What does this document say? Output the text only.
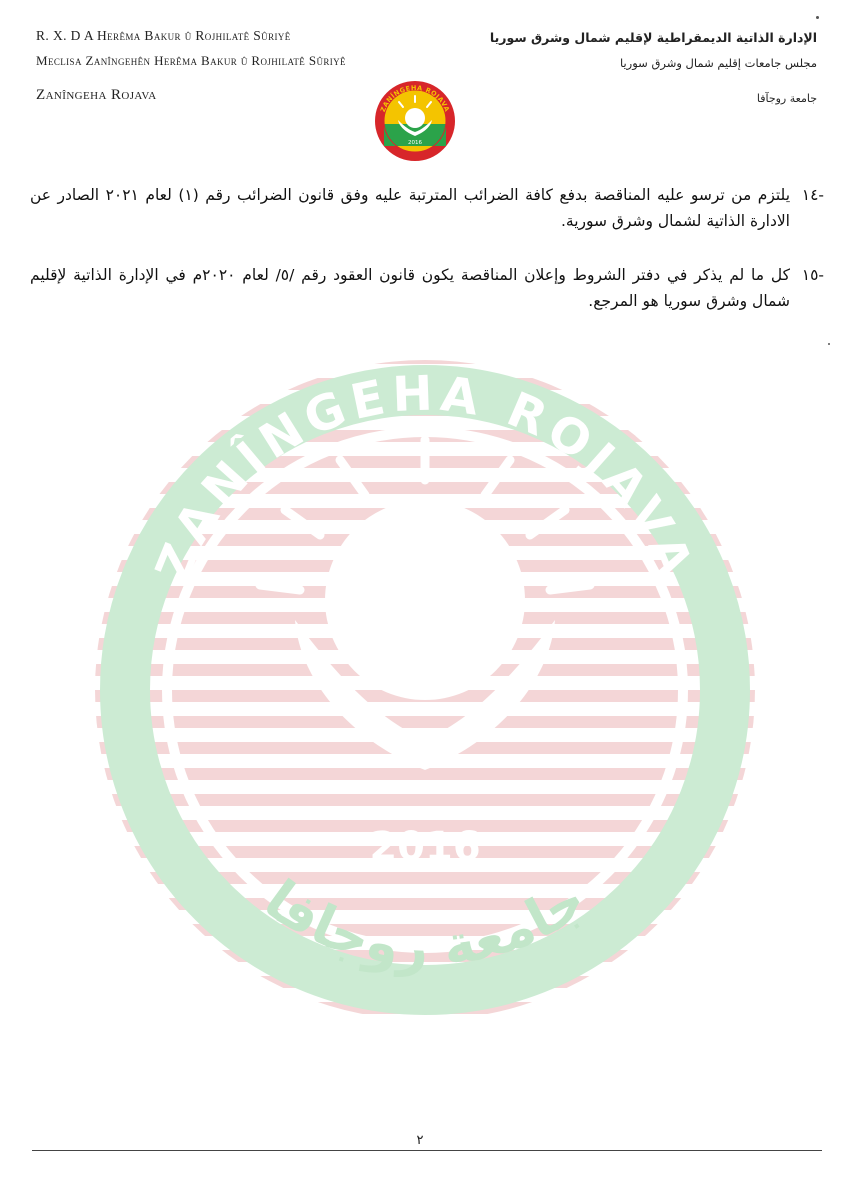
ZANÎNGEHA ROJAVA
2016
جامعة روجافا
R. X. D A Herêma Bakur û Rojhilatê Sûriyê
Meclisa Zanîngehên Herêma Bakur û Rojhilatê Sûriyê
Zanîngeha Rojava
الإدارة الذاتية الديمقراطية لإقليم شمال وشرق سوريا
مجلس جامعات إقليم شمال وشرق سوريا
جامعة روجآفا
ZANÎNGEHA ROJAVA
2016
-١٤
يلتزم من ترسو عليه المناقصة بدفع كافة الضرائب المترتبة عليه وفق قانون الضرائب رقم (١) لعام ٢٠٢١ الصادر عن الادارة الذاتية لشمال وشرق سورية.
-١٥
كل ما لم يذكر في دفتر الشروط وإعلان المناقصة يكون قانون العقود رقم /٥/ لعام ٢٠٢٠م في الإدارة الذاتية لإقليم شمال وشرق سوريا هو المرجع.
٢
